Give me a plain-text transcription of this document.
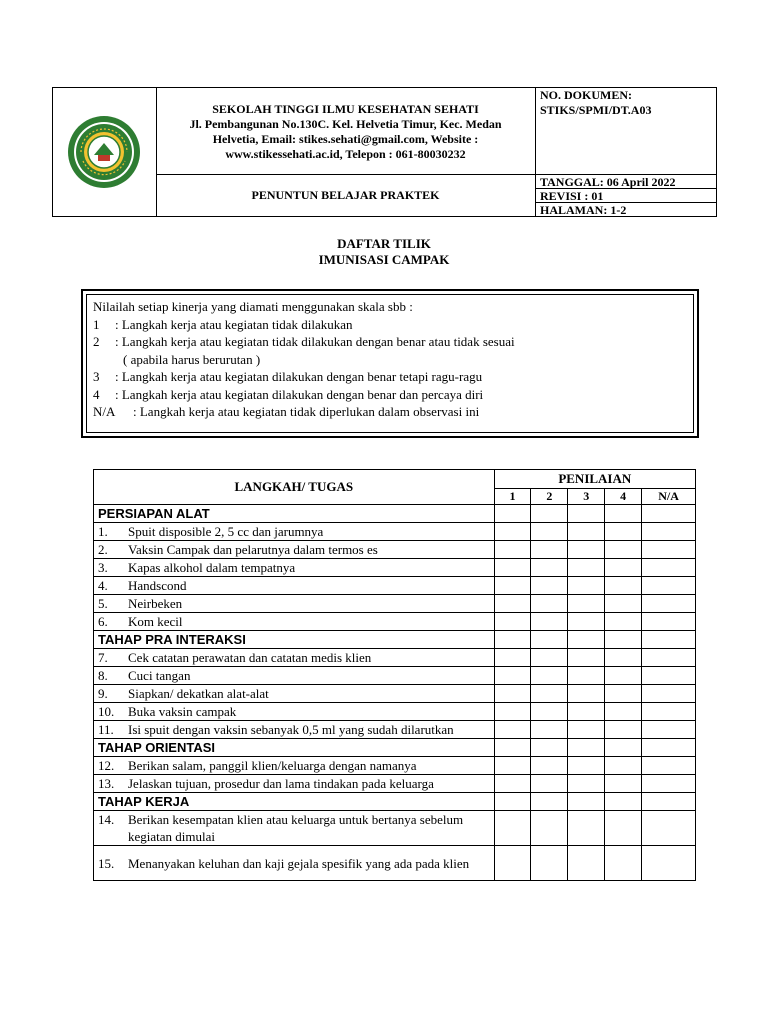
SEKOLAH TINGGI ILMU KESEHATAN SEHATI
Jl. Pembangunan No.130C. Kel. Helvetia Timur, Kec. Medan
Helvetia, Email: stikes.sehati@gmail.com, Website :
www.stikessehati.ac.id, Telepon : 061-80030232
PENUNTUN BELAJAR PRAKTEK
NO. DOKUMEN:
STIKS/SPMI/DT.A03
TANGGAL: 06 April 2022
REVISI : 01
HALAMAN: 1-2
DAFTAR TILIK
IMUNISASI CAMPAK
Nilailah setiap kinerja yang diamati menggunakan skala sbb :
1	: Langkah kerja atau kegiatan tidak dilakukan
2	: Langkah kerja atau kegiatan tidak dilakukan dengan benar atau tidak sesuai
( apabila harus berurutan )
3	: Langkah kerja atau kegiatan dilakukan dengan benar tetapi ragu-ragu
4	: Langkah kerja atau kegiatan dilakukan dengan benar dan percaya diri
N/A	: Langkah kerja atau kegiatan tidak diperlukan dalam observasi ini
LANGKAH/ TUGAS	PENILAIAN				
	1	2	3	4	N/A
PERSIAPAN ALAT					
1. Spuit disposible 2, 5 cc dan jarumnya					
2. Vaksin Campak dan pelarutnya dalam termos es					
3. Kapas alkohol dalam tempatnya					
4. Handscond					
5. Neirbeken					
6. Kom kecil					
TAHAP PRA INTERAKSI					
7. Cek catatan perawatan dan catatan medis klien					
8. Cuci tangan					
9. Siapkan/ dekatkan alat-alat					
10. Buka vaksin campak					
11. Isi spuit dengan vaksin sebanyak 0,5 ml yang sudah dilarutkan					
TAHAP ORIENTASI					
12. Berikan salam, panggil klien/keluarga dengan namanya					
13. Jelaskan tujuan, prosedur dan lama tindakan pada keluarga					
TAHAP KERJA					

14. Berikan kesempatan klien atau keluarga untuk bertanya sebelum kegiatan dimulai					

15. Menanyakan keluhan dan kaji gejala spesifik yang ada pada klien					
